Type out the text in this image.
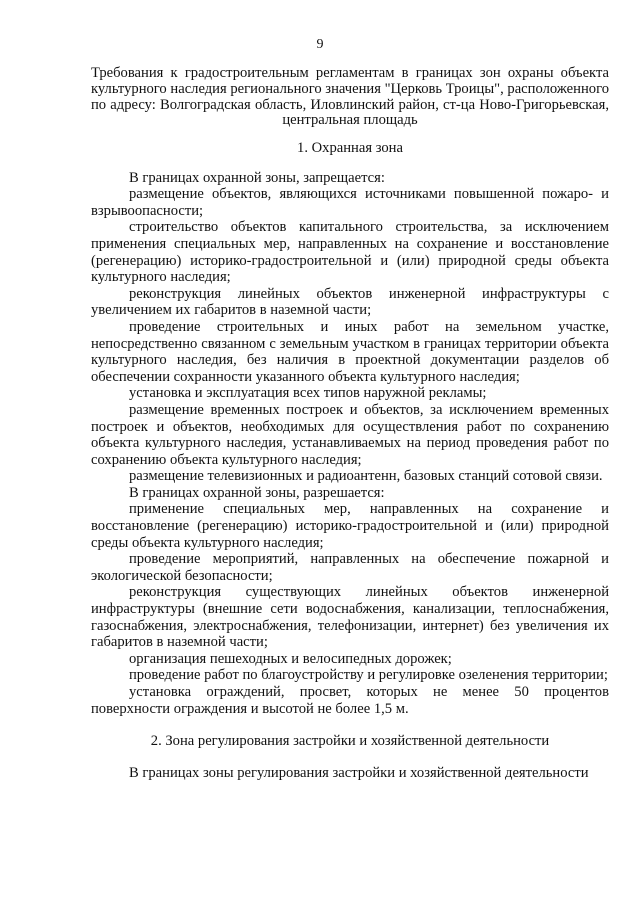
9
Требования к градостроительным регламентам в границах зон охраны объекта культурного наследия регионального значения "Церковь Троицы", расположенного по адресу: Волгоградская область, Иловлинский район, ст-ца Ново-Григорьевская, центральная площадь

1. Охранная зона

В границах охранной зоны, запрещается:

размещение объектов, являющихся источниками повышенной пожаро- и взрывоопасности;

строительство объектов капитального строительства, за исключением применения специальных мер, направленных на сохранение и восстановление (регенерацию) историко-градостроительной и (или) природной среды объекта культурного наследия;

реконструкция линейных объектов инженерной инфраструктуры с увеличением их габаритов в наземной части;

проведение строительных и иных работ на земельном участке, непосредственно связанном с земельным участком в границах территории объекта культурного наследия, без наличия в проектной документации разделов об обеспечении сохранности указанного объекта культурного наследия;

установка и эксплуатация всех типов наружной рекламы;

размещение временных построек и объектов, за исключением временных построек и объектов, необходимых для осуществления работ по сохранению объекта культурного наследия, устанавливаемых на период проведения работ по сохранению объекта культурного наследия;

размещение телевизионных и радиоантенн, базовых станций сотовой связи.

В границах охранной зоны, разрешается:

применение специальных мер, направленных на сохранение и восстановление (регенерацию) историко-градостроительной и (или) природной среды объекта культурного наследия;

проведение мероприятий, направленных на обеспечение пожарной и экологической безопасности;

реконструкция существующих линейных объектов инженерной инфраструктуры (внешние сети водоснабжения, канализации, теплоснабжения, газоснабжения, электроснабжения, телефонизации, интернет) без увеличения их габаритов в наземной части;

организация пешеходных и велосипедных дорожек;

проведение работ по благоустройству и регулировке озеленения территории;

установка ограждений, просвет, которых не менее 50 процентов поверхности ограждения и высотой не более 1,5 м.

2. Зона регулирования застройки и хозяйственной деятельности

В границах зоны регулирования застройки и хозяйственной деятельности
